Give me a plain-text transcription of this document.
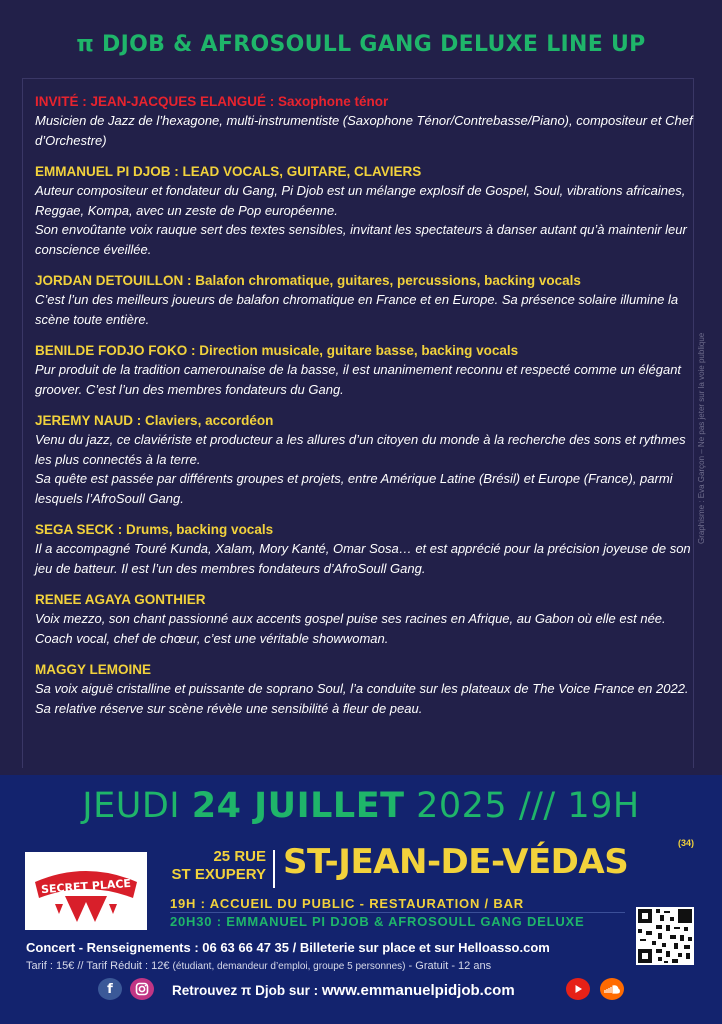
π DJOB & AFROSOULL GANG DELUXE LINE UP
INVITÉ : JEAN-JACQUES ELANGUÉ : Saxophone ténor

Musicien de Jazz de l’hexagone, multi-instrumentiste (Saxophone Ténor/Contrebasse/Piano), compositeur et Chef d’Orchestre)

EMMANUEL PI DJOB : LEAD VOCALS, GUITARE, CLAVIERS

Auteur compositeur et fondateur du Gang, Pi Djob est un mélange explosif de Gospel, Soul, vibrations africaines, Reggae, Kompa, avec un zeste de Pop européenne.

Son envoûtante voix rauque sert des textes sensibles, invitant les spectateurs à danser autant qu’à maintenir leur conscience éveillée.

JORDAN DETOUILLON : Balafon chromatique, guitares, percussions, backing vocals

C’est l’un des meilleurs joueurs de balafon chromatique en France et en Europe. Sa présence solaire illumine la scène toute entière.

BENILDE FODJO FOKO : Direction musicale, guitare basse, backing vocals

Pur produit de la tradition camerounaise de la basse, il est unanimement reconnu et respecté comme un élégant groover. C’est l’un des membres fondateurs du Gang.

JEREMY NAUD : Claviers, accordéon

Venu du jazz, ce claviériste et producteur a les allures d’un citoyen du monde à la recherche des sons et rythmes les plus connectés à la terre.

Sa quête est passée par différents groupes et projets, entre Amérique Latine (Brésil) et Europe (France), parmi lesquels l’AfroSoull Gang.

SEGA SECK : Drums, backing vocals

Il a accompagné Touré Kunda, Xalam, Mory Kanté, Omar Sosa… et est apprécié pour la précision joyeuse de son jeu de batteur. Il est l’un des membres fondateurs d’AfroSoull Gang.

RENEE AGAYA GONTHIER

Voix mezzo, son chant passionné aux accents gospel puise ses racines en Afrique, au Gabon où elle est née. Coach vocal, chef de chœur, c’est une véritable showwoman.

MAGGY LEMOINE

Sa voix aiguë cristalline et puissante de soprano Soul, l’a conduite sur les plateaux de The Voice France en 2022. Sa relative réserve sur scène révèle une sensibilité à fleur de peau.

Graphisme : Eva Garçon – Ne pas jeter sur la voie publique
JEUDI 24 JUILLET 2025 /// 19H
SECRET PLACE
25 RUE
ST EXUPERY ST-JEAN-DE-VÉDAS	(34)
19H : ACCUEIL DU PUBLIC - RESTAURATION / BAR
20H30 : EMMANUEL PI DJOB & AFROSOULL GANG DELUXE
Concert - Renseignements : 06 63 66 47 35 / Billeterie sur place et sur Helloasso.com
Tarif : 15€ // Tarif Réduit : 12€ (étudiant, demandeur d’emploi, groupe 5 personnes) - Gratuit - 12 ans
f	Retrouvez π Djob sur : www.emmanuelpidjob.com
